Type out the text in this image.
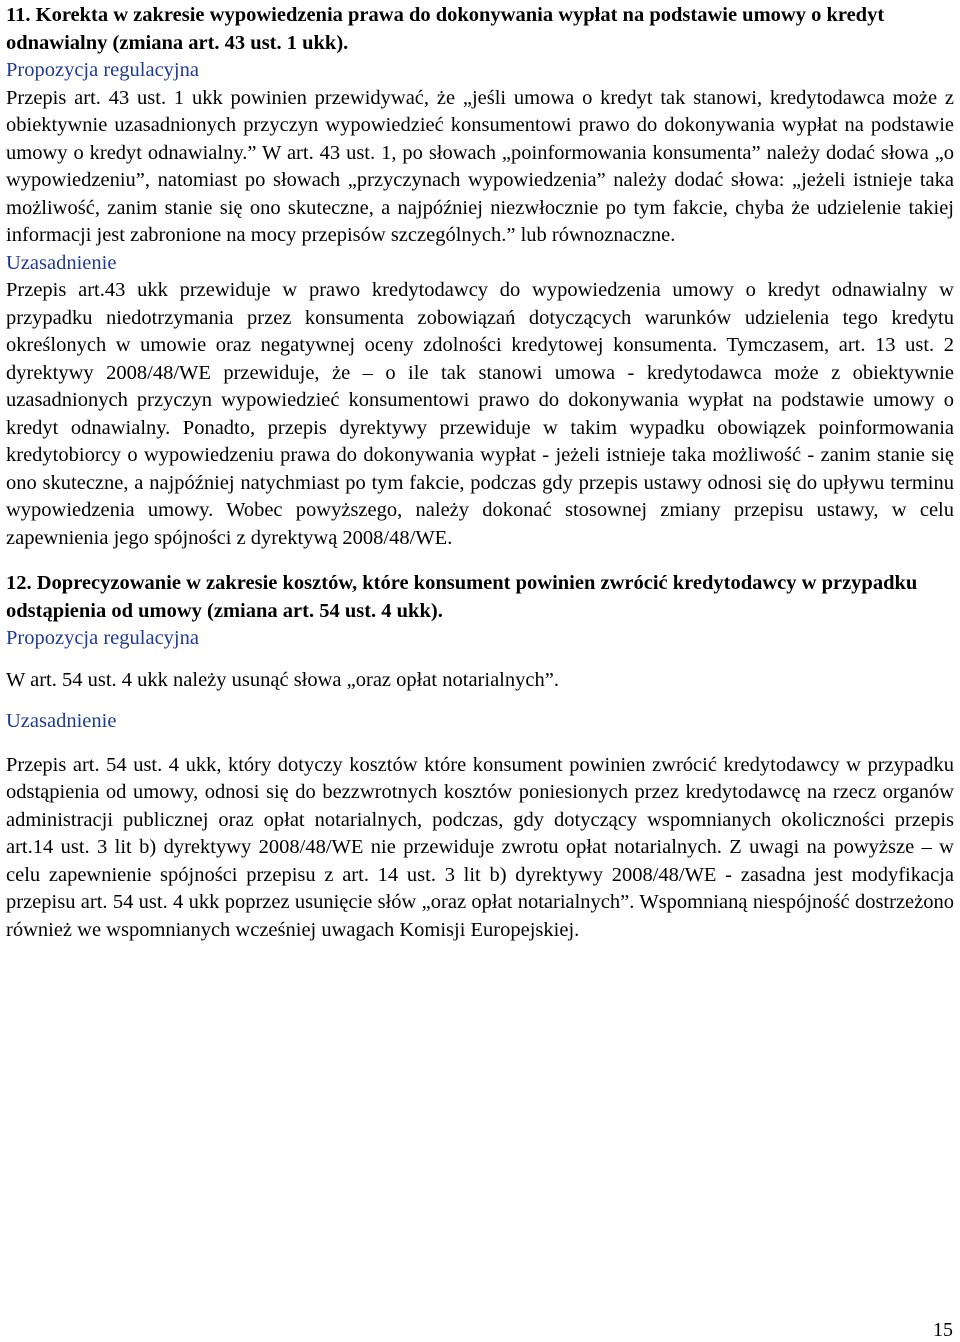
11. Korekta w zakresie wypowiedzenia prawa do dokonywania wypłat na podstawie umowy o kredyt odnawialny (zmiana art. 43 ust. 1 ukk).

Propozycja regulacyjna

Przepis art. 43 ust. 1 ukk powinien przewidywać, że „jeśli umowa o kredyt tak stanowi, kredytodawca może z obiektywnie uzasadnionych przyczyn wypowiedzieć konsumentowi prawo do dokonywania wypłat na podstawie umowy o kredyt odnawialny.” W art. 43 ust. 1, po słowach „poinformowania konsumenta” należy dodać słowa „o wypowiedzeniu”, natomiast po słowach „przyczynach wypowiedzenia” należy dodać słowa: „jeżeli istnieje taka możliwość, zanim stanie się ono skuteczne, a najpóźniej niezwłocznie po tym fakcie, chyba że udzielenie takiej informacji jest zabronione na mocy przepisów szczególnych.” lub równoznaczne.

Uzasadnienie

Przepis art.43 ukk przewiduje w prawo kredytodawcy do wypowiedzenia umowy o kredyt odnawialny w przypadku niedotrzymania przez konsumenta zobowiązań dotyczących warunków udzielenia tego kredytu określonych w umowie oraz negatywnej oceny zdolności kredytowej konsumenta. Tymczasem, art. 13 ust. 2 dyrektywy 2008/48/WE przewiduje, że – o ile tak stanowi umowa - kredytodawca może z obiektywnie uzasadnionych przyczyn wypowiedzieć konsumentowi prawo do dokonywania wypłat na podstawie umowy o kredyt odnawialny. Ponadto, przepis dyrektywy przewiduje w takim wypadku obowiązek poinformowania kredytobiorcy o wypowiedzeniu prawa do dokonywania wypłat - jeżeli istnieje taka możliwość - zanim stanie się ono skuteczne, a najpóźniej natychmiast po tym fakcie, podczas gdy przepis ustawy odnosi się do upływu terminu wypowiedzenia umowy. Wobec powyższego, należy dokonać stosownej zmiany przepisu ustawy, w celu zapewnienia jego spójności z dyrektywą 2008/48/WE.

12. Doprecyzowanie w zakresie kosztów, które konsument powinien zwrócić kredytodawcy w przypadku odstąpienia od umowy (zmiana art. 54 ust. 4 ukk).

Propozycja regulacyjna

W art. 54 ust. 4 ukk należy usunąć słowa „oraz opłat notarialnych”.

Uzasadnienie

Przepis art. 54 ust. 4 ukk, który dotyczy kosztów które konsument powinien zwrócić kredytodawcy w przypadku odstąpienia od umowy, odnosi się do bezzwrotnych kosztów poniesionych przez kredytodawcę na rzecz organów administracji publicznej oraz opłat notarialnych, podczas, gdy dotyczący wspomnianych okoliczności przepis art.14 ust. 3 lit b) dyrektywy 2008/48/WE nie przewiduje zwrotu opłat notarialnych. Z uwagi na powyższe – w celu zapewnienie spójności przepisu z art. 14 ust. 3 lit b) dyrektywy 2008/48/WE - zasadna jest modyfikacja przepisu art. 54 ust. 4 ukk poprzez usunięcie słów „oraz opłat notarialnych”. Wspomnianą niespójność dostrzeżono również we wspomnianych wcześniej uwagach Komisji Europejskiej.

15
